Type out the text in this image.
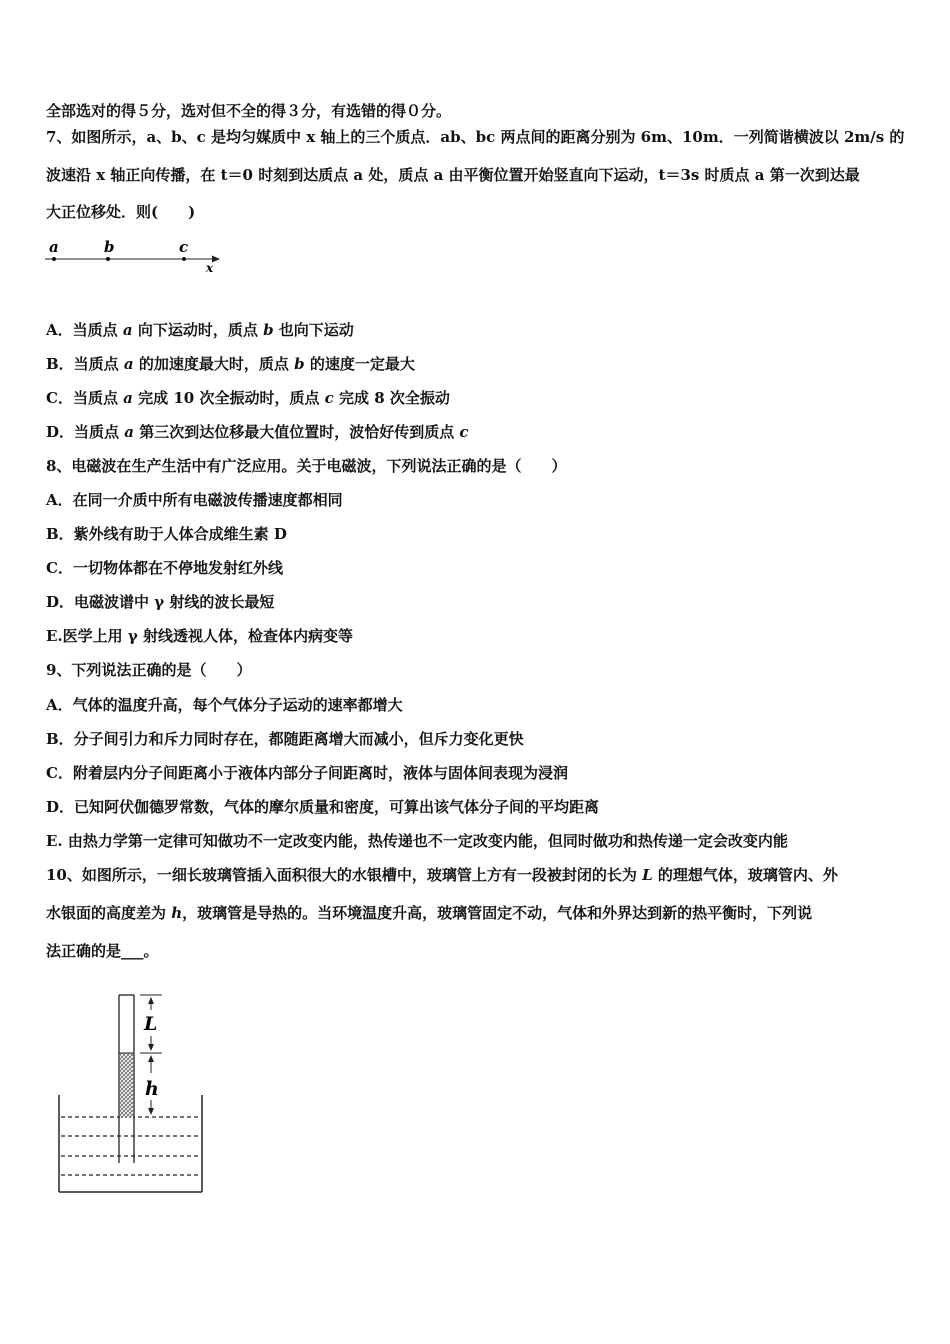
全部选对的得５分，选对但不全的得３分，有选错的得０分。
7、如图所示，a、b、c 是均匀媒质中 x 轴上的三个质点．ab、bc 两点间的距离分别为 6m、10m．一列简谐横波以 2m/s 的
波速沿 x 轴正向传播，在 t＝0 时刻到达质点 a 处，质点 a 由平衡位置开始竖直向下运动，t＝3s 时质点 a 第一次到达最
大正位移处．则(　　)
a	b	c
x
A．当质点 a 向下运动时，质点 b 也向下运动
B．当质点 a 的加速度最大时，质点 b 的速度一定最大
C．当质点 a 完成 10 次全振动时，质点 c 完成 8 次全振动
D．当质点 a 第三次到达位移最大值位置时，波恰好传到质点 c
8、电磁波在生产生活中有广泛应用。关于电磁波，下列说法正确的是（　　）
A．在同一介质中所有电磁波传播速度都相同
B．紫外线有助于人体合成维生素 D
C．一切物体都在不停地发射红外线
D．电磁波谱中 γ 射线的波长最短
E.医学上用 γ 射线透视人体，检查体内病变等
9、下列说法正确的是（　　）
A．气体的温度升高，每个气体分子运动的速率都增大
B．分子间引力和斥力同时存在，都随距离增大而减小，但斥力变化更快
C．附着层内分子间距离小于液体内部分子间距离时，液体与固体间表现为浸润
D．已知阿伏伽德罗常数，气体的摩尔质量和密度，可算出该气体分子间的平均距离
E. 由热力学第一定律可知做功不一定改变内能，热传递也不一定改变内能，但同时做功和热传递一定会改变内能
10、如图所示，一细长玻璃管插入面积很大的水银槽中，玻璃管上方有一段被封闭的长为 L 的理想气体，玻璃管内、外
水银面的高度差为 h，玻璃管是导热的。当环境温度升高，玻璃管固定不动，气体和外界达到新的热平衡时，下列说
法正确的是___。
L
h
